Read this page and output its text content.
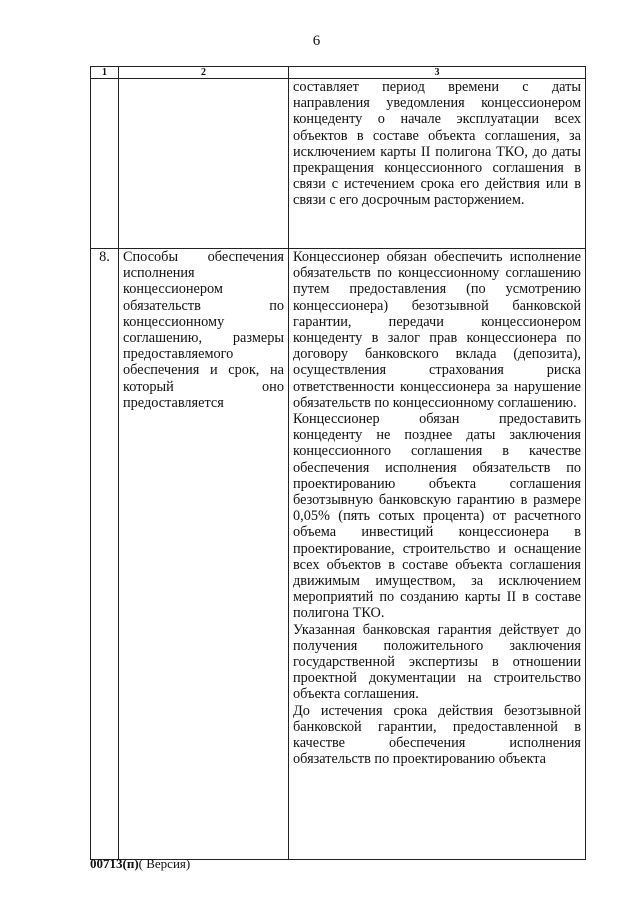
6
1	2	3

		составляет период времени с даты направления уведомления концессионером концеденту о начале эксплуатации всех объектов в составе объекта соглашения, за исключением карты II полигона ТКО, до даты прекращения концессионного соглашения в связи с истечением срока его действия или в связи с его досрочным расторжением.

8.	Способы обеспечения исполнения концессионером обязательств по концессионному соглашению, размеры предоставляемого обеспечения и срок, на который оно предоставляется	Концессионер обязан обеспечить исполнение обязательств по концессионному соглашению путем предоставления (по усмотрению концессионера) безотзывной банковской гарантии, передачи концессионером концеденту в залог прав концессионера по договору банковского вклада (депозита), осуществления страхования риска ответственности концессионера за нарушение обязательств по концессионному соглашению.

Концессионер обязан предоставить концеденту не позднее даты заключения концессионного соглашения в качестве обеспечения исполнения обязательств по проектированию объекта соглашения безотзывную банковскую гарантию в размере 0,05% (пять сотых процента) от расчетного объема инвестиций концессионера в проектирование, строительство и оснащение всех объектов в составе объекта соглашения движимым имуществом, за исключением мероприятий по созданию карты II в составе полигона ТКО.

Указанная банковская гарантия действует до получения положительного заключения государственной экспертизы в отношении проектной документации на строительство объекта соглашения.

До истечения срока действия безотзывной банковской гарантии, предоставленной в качестве обеспечения исполнения обязательств по проектированию объекта

00713(п)( Версия)
